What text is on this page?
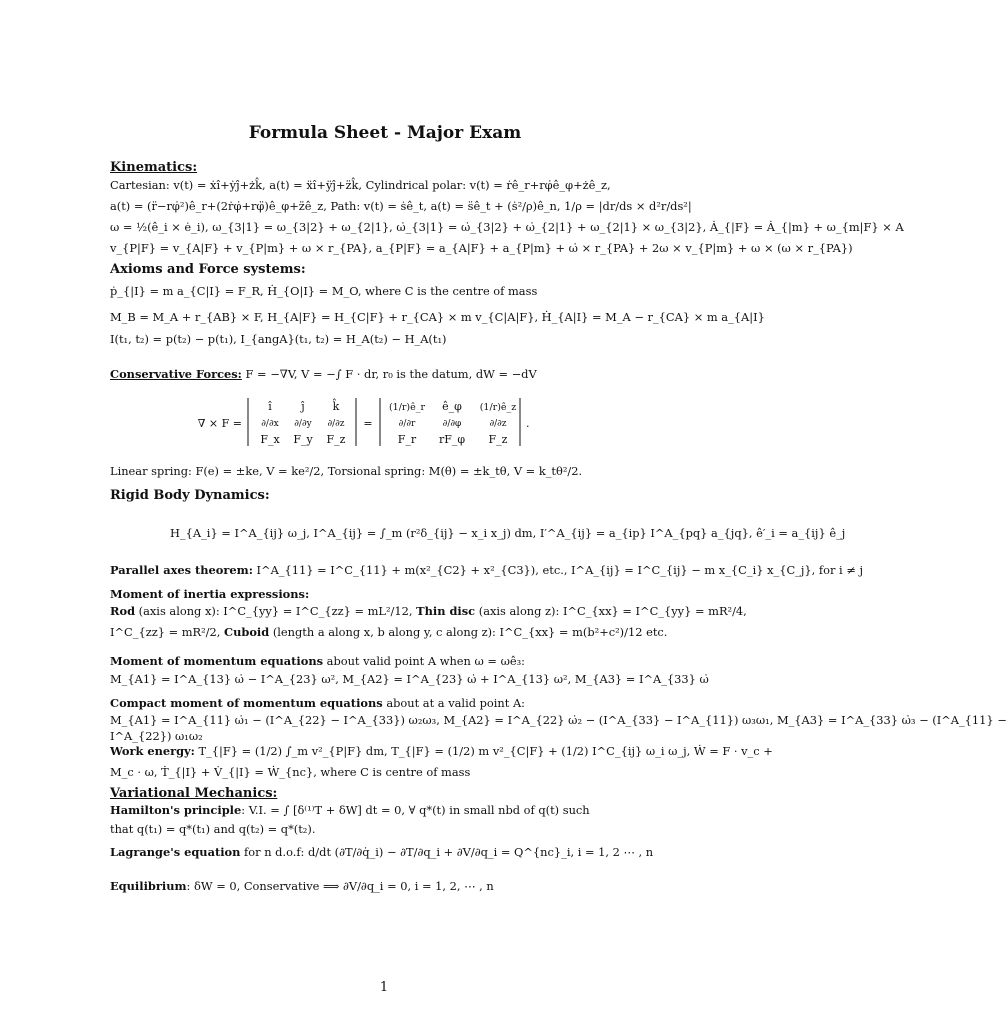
Formula Sheet - Major Exam
Kinematics:
Cartesian: v(t) = ẋî+ẏĵ+żk̂, a(t) = ẍî+ÿĵ+z̈k̂, Cylindrical polar: v(t) = ṙê_r+rφ̇ê_φ+żê_z,
a(t) = (r̈−rφ̇²)ê_r+(2ṙφ̇+rφ̈)ê_φ+z̈ê_z, Path: v(t) = ṡê_t, a(t) = s̈ê_t + (ṡ²/ρ)ê_n, 1/ρ = |dr/ds × d²r/ds²|
ω = ½(ê_i × ė_i), ω_{3|1} = ω_{3|2} + ω_{2|1}, ω̇_{3|1} = ω̇_{3|2} + ω̇_{2|1} + ω_{2|1} × ω_{3|2}, Ȧ_{|F} = Ȧ_{|m} + ω_{m|F} × A
v_{P|F} = v_{A|F} + v_{P|m} + ω × r_{PA}, a_{P|F} = a_{A|F} + a_{P|m} + ω̇ × r_{PA} + 2ω × v_{P|m} + ω × (ω × r_{PA})
Axioms and Force systems:
ṗ_{|I} = m a_{C|I} = F_R, Ḣ_{O|I} = M_O, where C is the centre of mass
M_B = M_A + r_{AB} × F, H_{A|F} = H_{C|F} + r_{CA} × m v_{C|A|F}, Ḣ_{A|I} = M_A − r_{CA} × m a_{A|I}
I(t₁, t₂) = p(t₂) − p(t₁), I_{angA}(t₁, t₂) = H_A(t₂) − H_A(t₁)
Conservative Forces: F = −∇V, V = −∫ F · dr, r₀ is the datum, dW = −dV
∇ × F =
î	ĵ	k̂
∂/∂x ∂/∂y ∂/∂z
F_x F_y F_z
=
(1/r)ê_r ê_φ (1/r)ê_z
∂/∂r	∂/∂φ	∂/∂z
F_r rF_φ F_z
.
Linear spring: F(e) = ±ke, V = ke²/2, Torsional spring: M(θ) = ±k_tθ, V = k_tθ²/2.
Rigid Body Dynamics:
H_{A_i} = I^A_{ij} ω_j, I^A_{ij} = ∫_m (r²δ_{ij} − x_i x_j) dm, I′^A_{ij} = a_{ip} I^A_{pq} a_{jq}, ê′_i = a_{ij} ê_j
Parallel axes theorem: I^A_{11} = I^C_{11} + m(x²_{C2} + x²_{C3}), etc., I^A_{ij} = I^C_{ij} − m x_{C_i} x_{C_j}, for i ≠ j
Moment of inertia expressions:
Rod (axis along x): I^C_{yy} = I^C_{zz} = mL²/12, Thin disc (axis along z): I^C_{xx} = I^C_{yy} = mR²/4,
I^C_{zz} = mR²/2, Cuboid (length a along x, b along y, c along z): I^C_{xx} = m(b²+c²)/12 etc.
Moment of momentum equations about valid point A when ω = ωê₃:
M_{A1} = I^A_{13} ω̇ − I^A_{23} ω², M_{A2} = I^A_{23} ω̇ + I^A_{13} ω², M_{A3} = I^A_{33} ω̇
Compact moment of momentum equations about at a valid point A:
M_{A1} = I^A_{11} ω̇₁ − (I^A_{22} − I^A_{33}) ω₂ω₃, M_{A2} = I^A_{22} ω̇₂ − (I^A_{33} − I^A_{11}) ω₃ω₁, M_{A3} = I^A_{33} ω̇₃ − (I^A_{11} −
I^A_{22}) ω₁ω₂
Work energy: T_{|F} = (1/2) ∫_m v²_{P|F} dm, T_{|F} = (1/2) m v²_{C|F} + (1/2) I^C_{ij} ω_i ω_j, Ẇ = F · v_c +
M_c · ω, Ṫ_{|I} + V̇_{|I} = Ẇ_{nc}, where C is centre of mass
Variational Mechanics:
Hamilton's principle: V.I. = ∫ [δ⁽¹⁾T + δW] dt = 0, ∀ q*(t) in small nbd of q(t) such
that q(t₁) = q*(t₁) and q(t₂) = q*(t₂).
Lagrange's equation for n d.o.f: d/dt (∂T/∂q̇_i) − ∂T/∂q_i + ∂V/∂q_i = Q^{nc}_i, i = 1, 2 ⋯ , n
Equilibrium: δW = 0, Conservative ⟹ ∂V/∂q_i = 0, i = 1, 2, ⋯ , n
1
